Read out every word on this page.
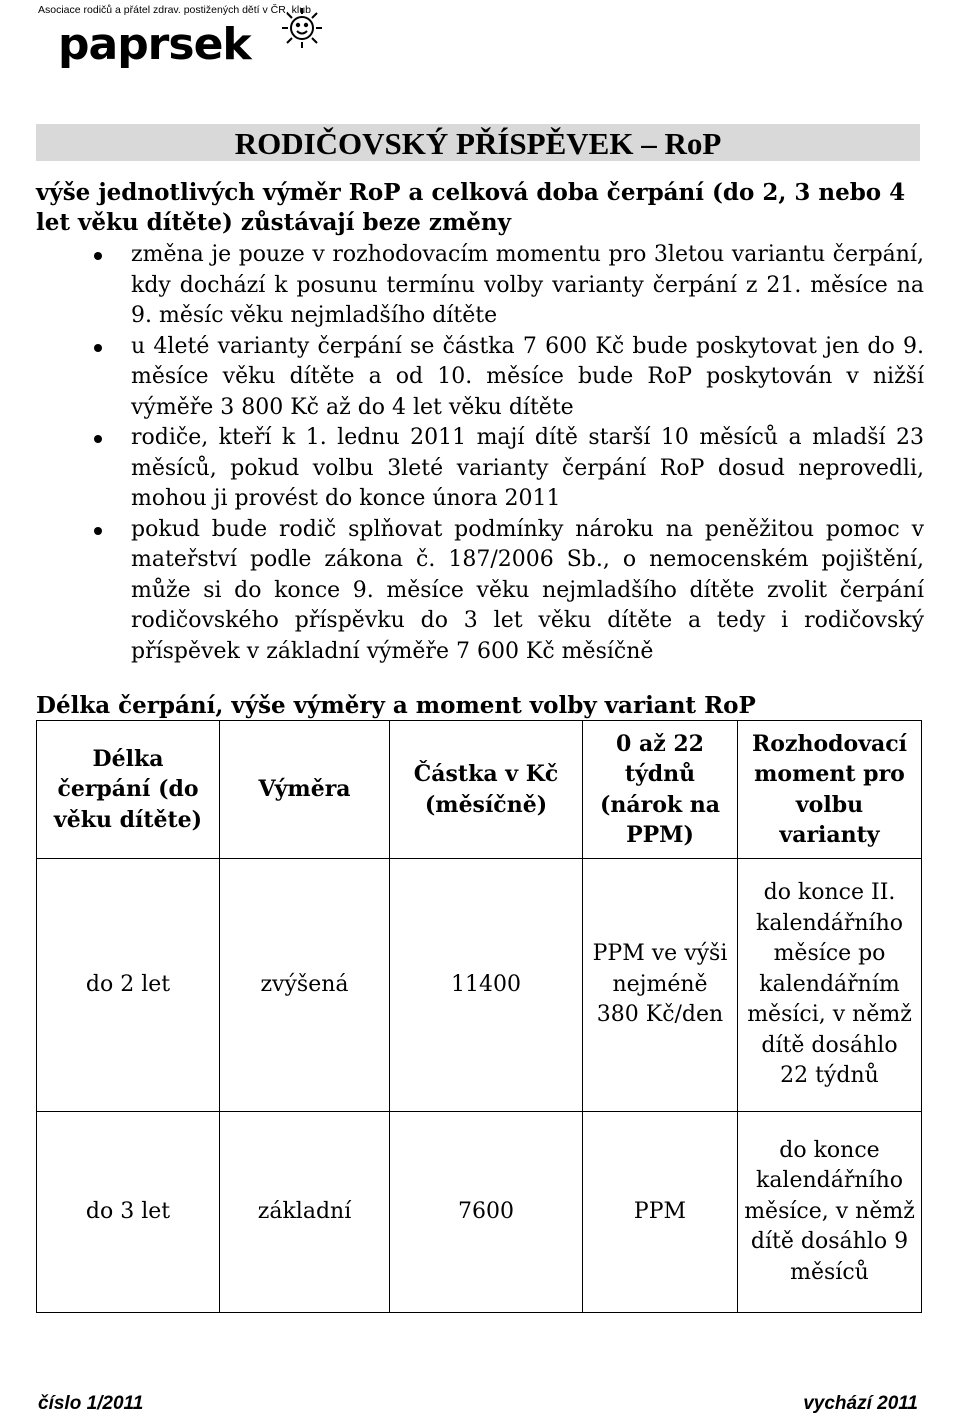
Asociace rodičů a přátel zdrav. postižených dětí v ČR, klub
paprsek
RODIČOVSKÝ PŘÍSPĚVEK – RoP
výše jednotlivých výměr RoP a celková doba čerpání (do 2, 3 nebo 4 let věku dítěte) zůstávají beze změny
změna je pouze v rozhodovacím momentu pro 3letou variantu čerpání, kdy dochází k posunu termínu volby varianty čerpání z 21. měsíce na 9. měsíc věku nejmladšího dítěte
u 4leté varianty čerpání se částka 7 600 Kč bude poskytovat jen do 9. měsíce věku dítěte a od 10. měsíce bude RoP poskytován v nižší výměře 3 800 Kč až do 4 let věku dítěte
rodiče, kteří k 1. lednu 2011 mají dítě starší 10 měsíců a mladší 23 měsíců, pokud volbu 3leté varianty čerpání RoP dosud neprovedli, mohou ji provést do konce února 2011
pokud bude rodič splňovat podmínky nároku na peněžitou pomoc v mateřství podle zákona č. 187/2006 Sb., o nemocenském pojištění, může si do konce 9. měsíce věku nejmladšího dítěte zvolit čerpání rodičovského příspěvku do 3 let věku dítěte a tedy i rodičovský příspěvek v základní výměře 7 600 Kč měsíčně
Délka čerpání, výše výměry a moment volby variant RoP
Délka čerpání (do věku dítěte)	Výměra	Částka v Kč (měsíčně)	0 až 22 týdnů (nárok na PPM)	Rozhodovací moment pro volbu varianty
do 2 let	zvýšená	11400	PPM ve výši nejméně 380 Kč/den	do konce II. kalendářního měsíce po kalendářním měsíci, v němž dítě dosáhlo 22 týdnů
do 3 let	základní	7600	PPM	do konce kalendářního měsíce, v němž dítě dosáhlo 9 měsíců
číslo 1/2011	vychází 2011
